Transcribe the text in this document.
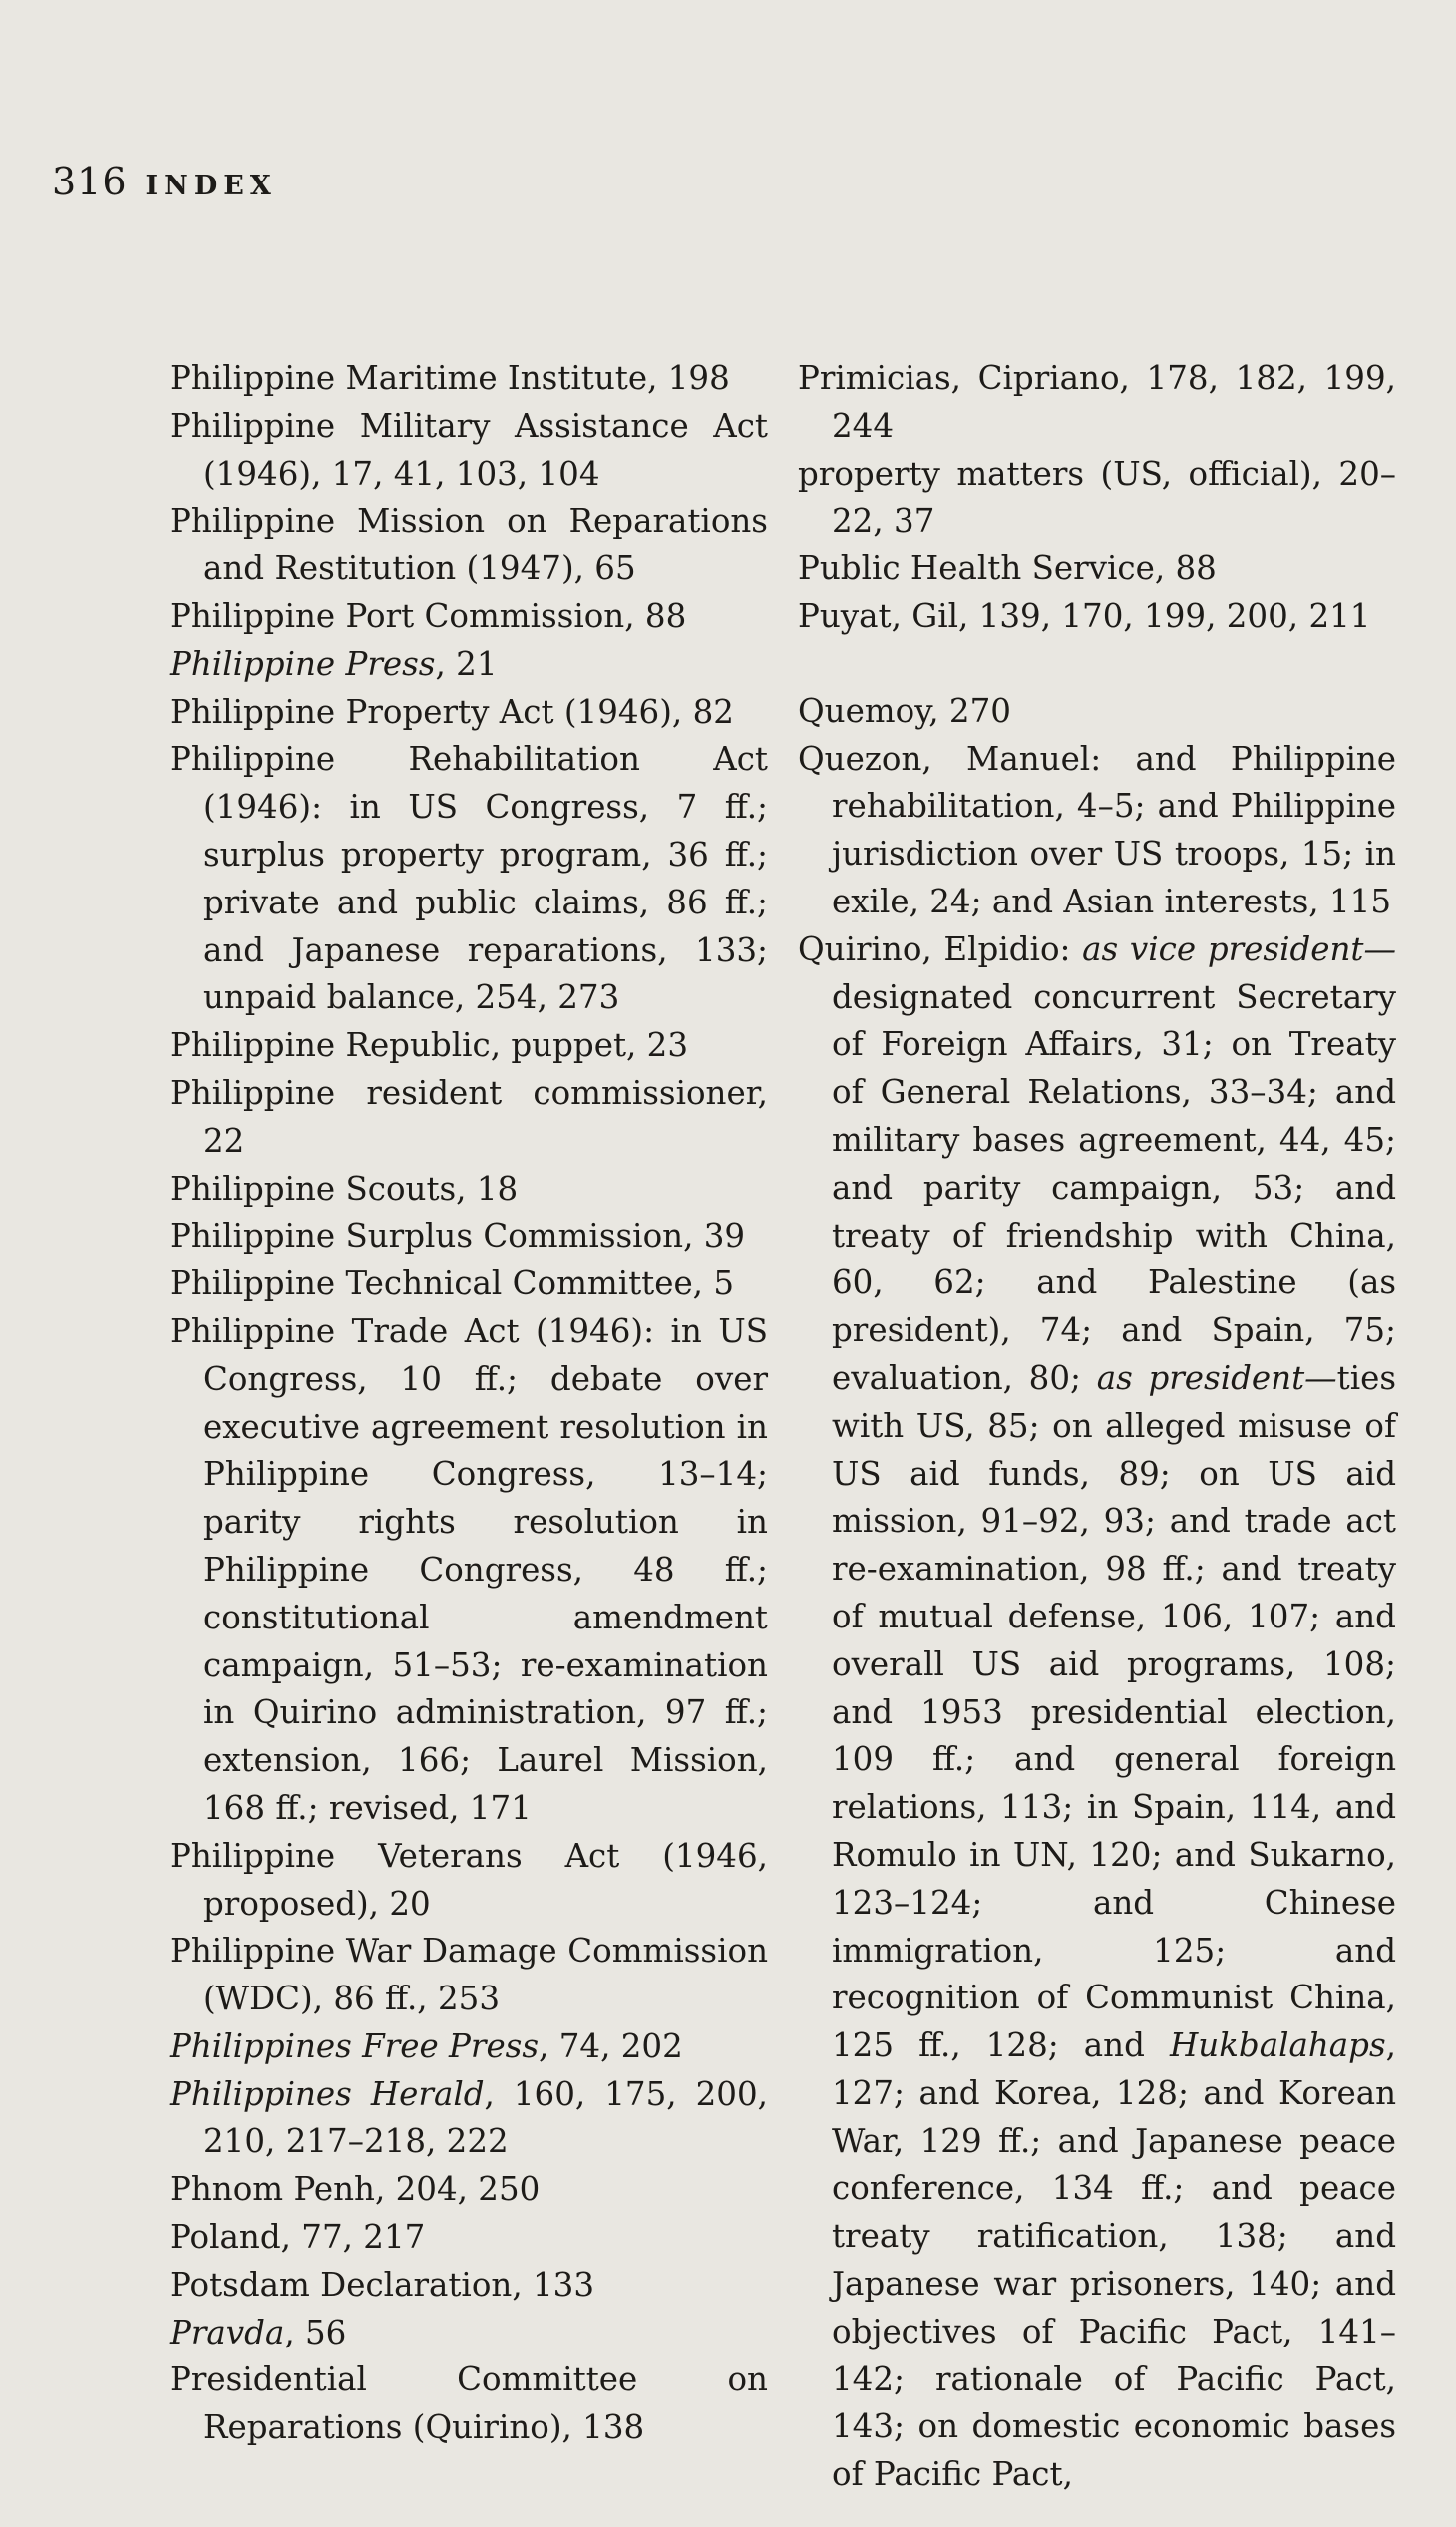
316 INDEX

Philippine Maritime Institute, 198

Philippine Military Assistance Act (1946), 17, 41, 103, 104

Philippine Mission on Reparations and Restitution (1947), 65

Philippine Port Commission, 88

Philippine Press, 21

Philippine Property Act (1946), 82

Philippine Rehabilitation Act (1946): in US Congress, 7 ff.; surplus property program, 36 ff.; private and public claims, 86 ff.; and Japanese reparations, 133; unpaid balance, 254, 273

Philippine Republic, puppet, 23

Philippine resident commissioner, 22

Philippine Scouts, 18

Philippine Surplus Commission, 39

Philippine Technical Committee, 5

Philippine Trade Act (1946): in US Congress, 10 ff.; debate over executive agreement resolution in Philippine Congress, 13–14; parity rights resolution in Philippine Congress, 48 ff.; constitutional amendment campaign, 51–53; re-examination in Quirino administration, 97 ff.; extension, 166; Laurel Mission, 168 ff.; revised, 171

Philippine Veterans Act (1946, proposed), 20

Philippine War Damage Commission (WDC), 86 ff., 253

Philippines Free Press, 74, 202

Philippines Herald, 160, 175, 200, 210, 217–218, 222

Phnom Penh, 204, 250

Poland, 77, 217

Potsdam Declaration, 133

Pravda, 56

Presidential Committee on Reparations (Quirino), 138

Primicias, Cipriano, 178, 182, 199, 244

property matters (US, official), 20–22, 37

Public Health Service, 88

Puyat, Gil, 139, 170, 199, 200, 211

Quemoy, 270

Quezon, Manuel: and Philippine rehabilitation, 4–5; and Philippine jurisdiction over US troops, 15; in exile, 24; and Asian interests, 115

Quirino, Elpidio: as vice president—designated concurrent Secretary of Foreign Affairs, 31; on Treaty of General Relations, 33–34; and military bases agreement, 44, 45; and parity campaign, 53; and treaty of friendship with China, 60, 62; and Palestine (as president), 74; and Spain, 75; evaluation, 80; as president—ties with US, 85; on alleged misuse of US aid funds, 89; on US aid mission, 91–92, 93; and trade act re-examination, 98 ff.; and treaty of mutual defense, 106, 107; and overall US aid programs, 108; and 1953 presidential election, 109 ff.; and general foreign relations, 113; in Spain, 114, and Romulo in UN, 120; and Sukarno, 123–124; and Chinese immigration, 125; and recognition of Communist China, 125 ff., 128; and Hukbalahaps, 127; and Korea, 128; and Korean War, 129 ff.; and Japanese peace conference, 134 ff.; and peace treaty ratification, 138; and Japanese war prisoners, 140; and objectives of Pacific Pact, 141–142; rationale of Pacific Pact, 143; on domestic economic bases of Pacific Pact,
